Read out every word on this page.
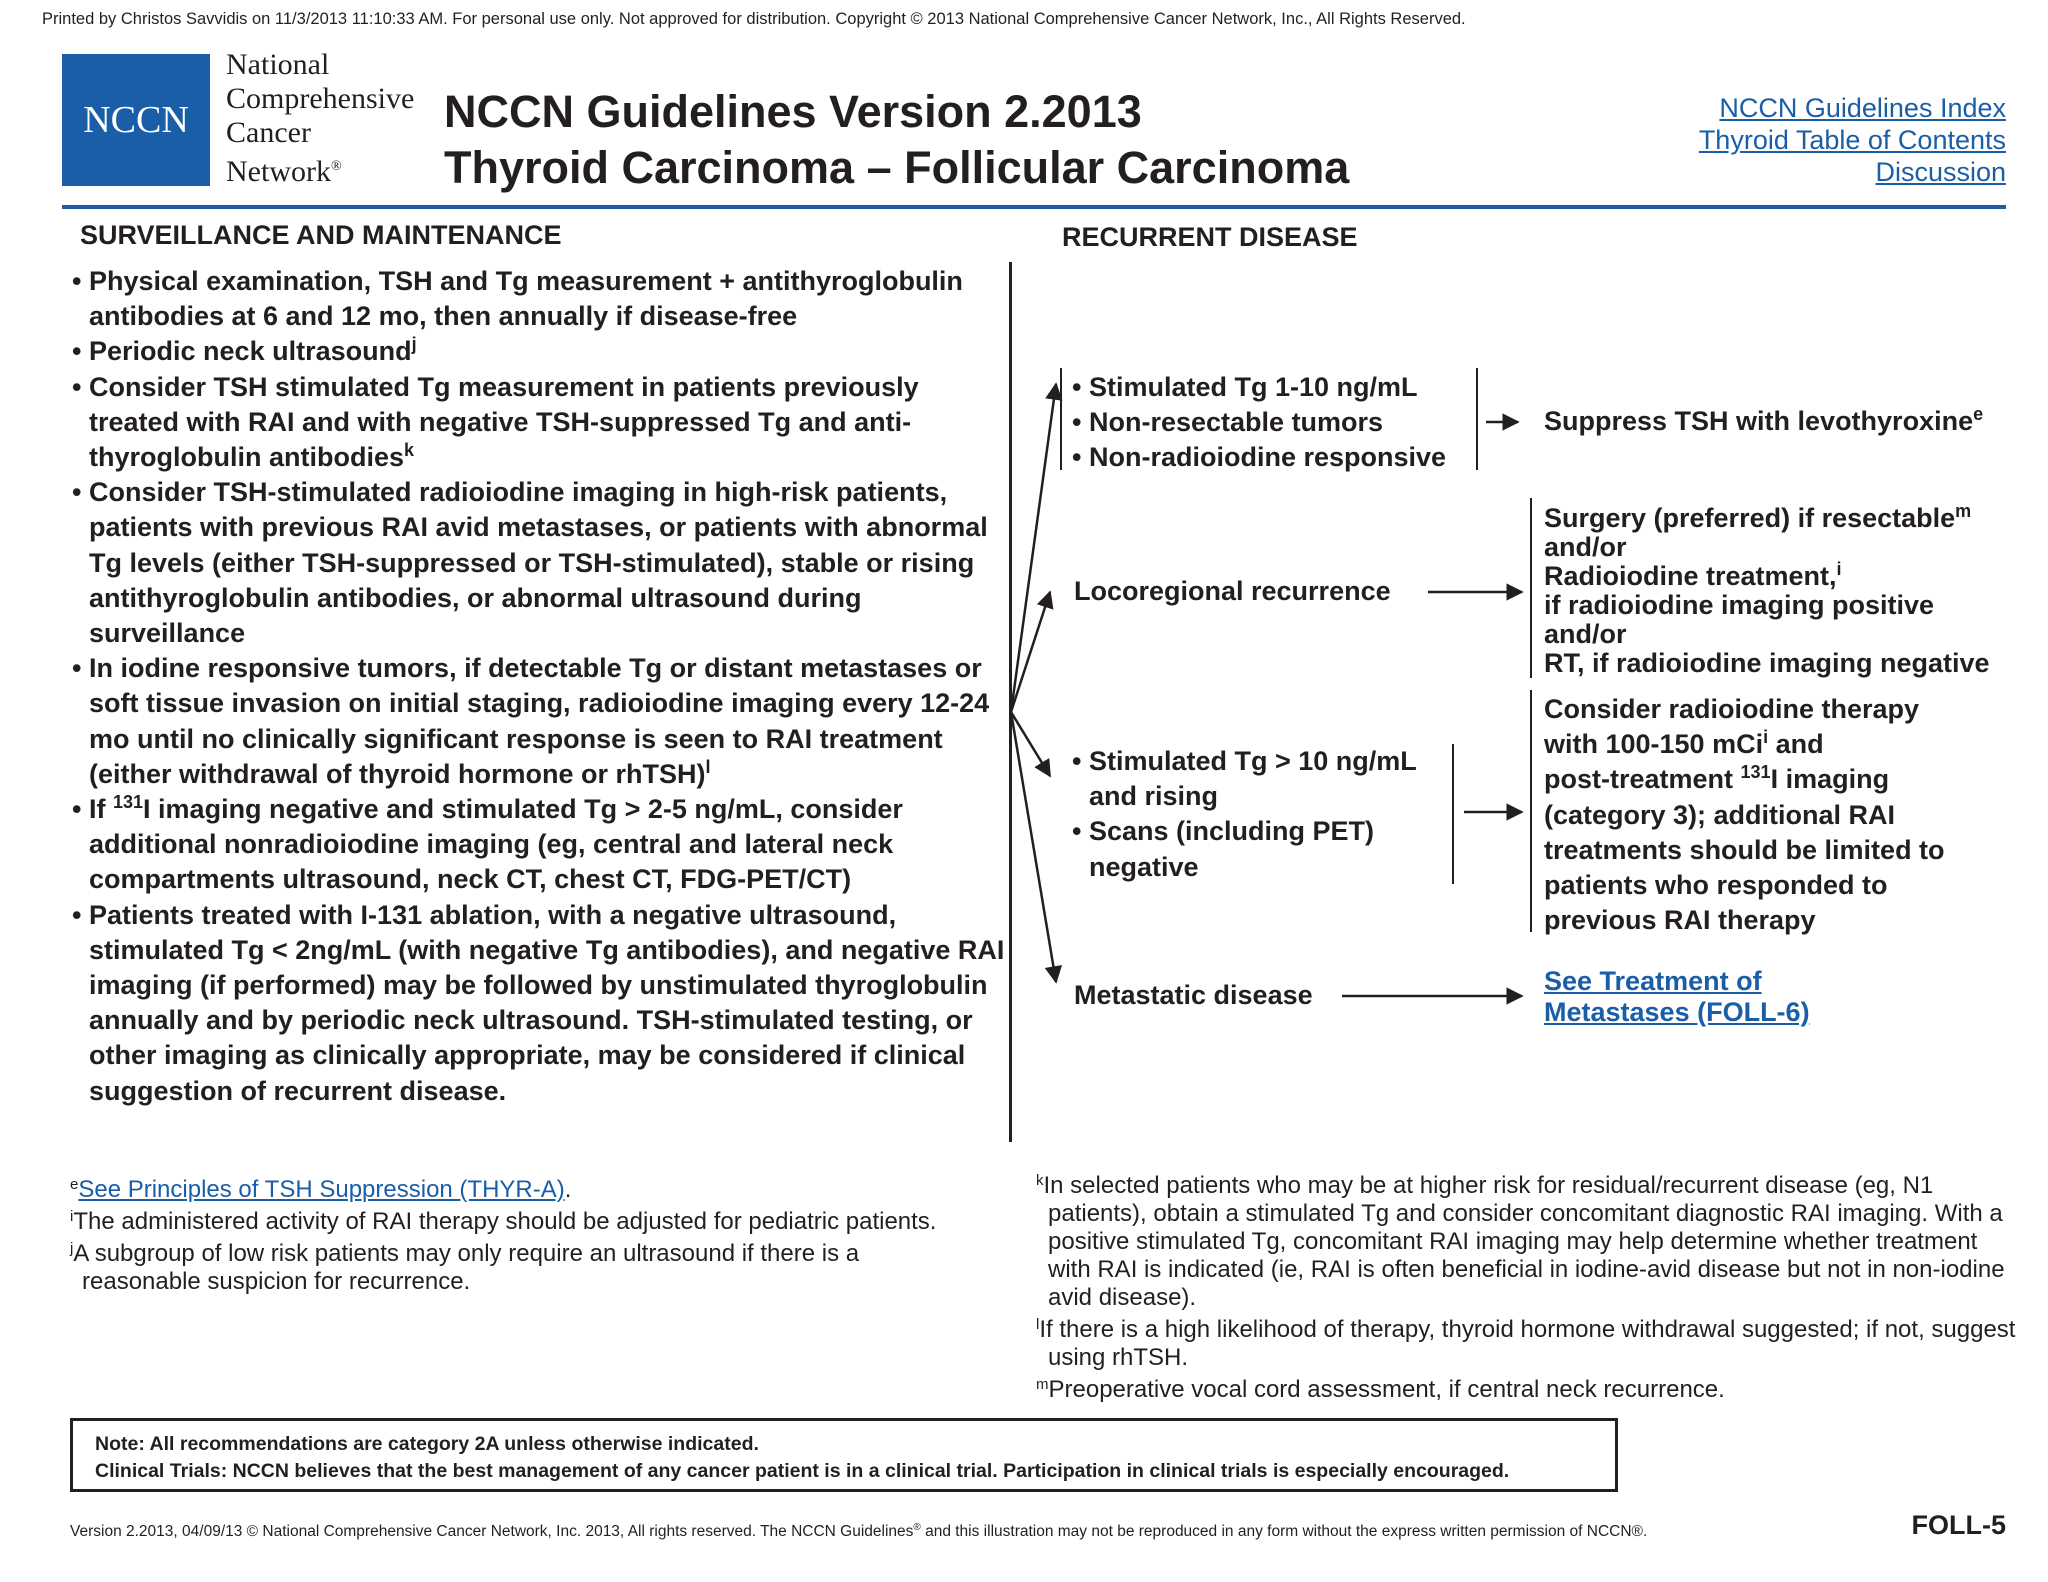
Printed by Christos Savvidis on 11/3/2013 11:10:33 AM. For personal use only. Not approved for distribution. Copyright © 2013 National Comprehensive Cancer Network, Inc., All Rights Reserved.
NCCN
National
Comprehensive
Cancer
Network®
NCCN Guidelines Version 2.2013
Thyroid Carcinoma – Follicular Carcinoma
NCCN Guidelines Index
Thyroid Table of Contents
Discussion
SURVEILLANCE AND MAINTENANCE	RECURRENT DISEASE
• Physical examination, TSH and Tg measurement + antithyroglobulin antibodies at 6 and 12 mo, then annually if disease-free
• Periodic neck ultrasound$^j$
• Consider TSH stimulated Tg measurement in patients previously treated with RAI and with negative TSH-suppressed Tg and anti-thyroglobulin antibodies$^k$
• Consider TSH-stimulated radioiodine imaging in high-risk patients, patients with previous RAI avid metastases, or patients with abnormal Tg levels (either TSH-suppressed or TSH-stimulated), stable or rising antithyroglobulin antibodies, or abnormal ultrasound during surveillance
• In iodine responsive tumors, if detectable Tg or distant metastases or soft tissue invasion on initial staging, radioiodine imaging every 12-24 mo until no clinically significant response is seen to RAI treatment (either withdrawal of thyroid hormone or rhTSH)$^l$
• If $^{131}$I imaging negative and stimulated Tg > 2-5 ng/mL, consider additional nonradioiodine imaging (eg, central and lateral neck compartments ultrasound, neck CT, chest CT, FDG-PET/CT)
• Patients treated with I-131 ablation, with a negative ultrasound, stimulated Tg < 2ng/mL (with negative Tg antibodies), and negative RAI imaging (if performed) may be followed by unstimulated thyroglobulin annually and by periodic neck ultrasound. TSH-stimulated testing, or other imaging as clinically appropriate, may be considered if clinical suggestion of recurrent disease.
• Stimulated Tg 1-10 ng/mL
• Non-resectable tumors
• Non-radioiodine responsive
Suppress TSH with levothyroxine$^e$
Locoregional recurrence
Surgery (preferred) if resectable$^m$
and/or
Radioiodine treatment,$^i$
if radioiodine imaging positive
and/or
RT, if radioiodine imaging negative
• Stimulated Tg > 10 ng/mL and rising
• Scans (including PET) negative
Consider radioiodine therapy
with 100-150 mCi$^i$ and
post-treatment $^{131}$I imaging
(category 3); additional RAI
treatments should be limited to
patients who responded to
previous RAI therapy
Metastatic disease	See Treatment of
Metastases (FOLL-6)

$^e$See Principles of TSH Suppression (THYR-A).

$^i$The administered activity of RAI therapy should be adjusted for pediatric patients.

$^j$A subgroup of low risk patients may only require an ultrasound if there is a reasonable suspicion for recurrence.

$^k$In selected patients who may be at higher risk for residual/recurrent disease (eg, N1 patients), obtain a stimulated Tg and consider concomitant diagnostic RAI imaging. With a positive stimulated Tg, concomitant RAI imaging may help determine whether treatment with RAI is indicated (ie, RAI is often beneficial in iodine-avid disease but not in non-iodine avid disease).

$^l$If there is a high likelihood of therapy, thyroid hormone withdrawal suggested; if not, suggest using rhTSH.

$^m$Preoperative vocal cord assessment, if central neck recurrence.

Note: All recommendations are category 2A unless otherwise indicated.
Clinical Trials: NCCN believes that the best management of any cancer patient is in a clinical trial. Participation in clinical trials is especially encouraged.
Version 2.2013, 04/09/13 © National Comprehensive Cancer Network, Inc. 2013, All rights reserved. The NCCN Guidelines® and this illustration may not be reproduced in any form without the express written permission of NCCN®.	FOLL-5
